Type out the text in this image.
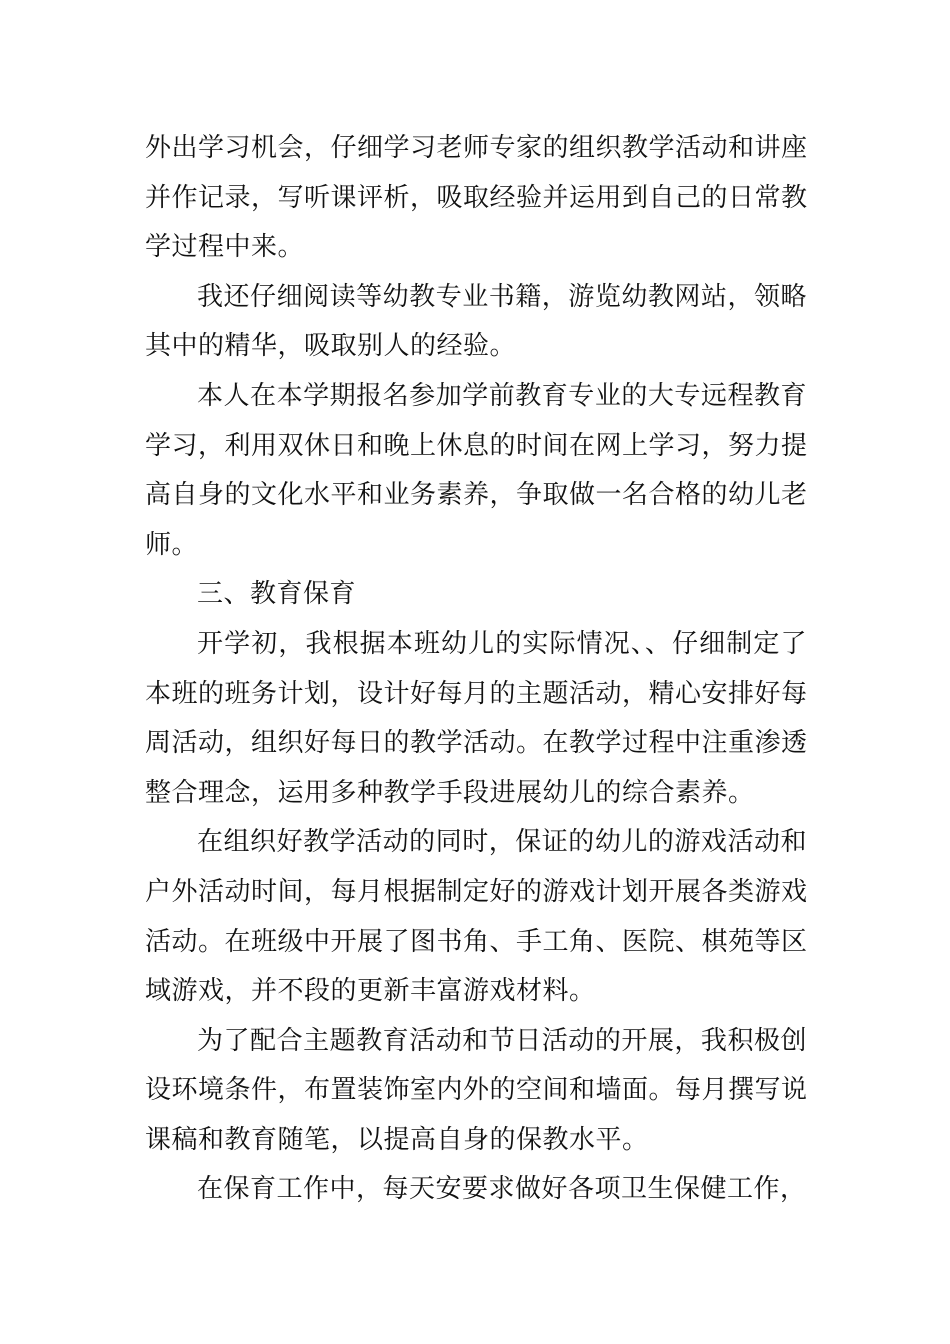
外出学习机会，仔细学习老师专家的组织教学活动和讲座
并作记录，写听课评析，吸取经验并运用到自己的日常教
学过程中来。
我还仔细阅读等幼教专业书籍，游览幼教网站，领略
其中的精华，吸取别人的经验。
本人在本学期报名参加学前教育专业的大专远程教育
学习，利用双休日和晚上休息的时间在网上学习，努力提
高自身的文化水平和业务素养，争取做一名合格的幼儿老
师。
三、教育保育
开学初，我根据本班幼儿的实际情况、、仔细制定了
本班的班务计划，设计好每月的主题活动，精心安排好每
周活动，组织好每日的教学活动。在教学过程中注重渗透
整合理念，运用多种教学手段进展幼儿的综合素养。
在组织好教学活动的同时，保证的幼儿的游戏活动和
户外活动时间，每月根据制定好的游戏计划开展各类游戏
活动。在班级中开展了图书角、手工角、医院、棋苑等区
域游戏，并不段的更新丰富游戏材料。
为了配合主题教育活动和节日活动的开展，我积极创
设环境条件，布置装饰室内外的空间和墙面。每月撰写说
课稿和教育随笔，以提高自身的保教水平。
在保育工作中，每天安要求做好各项卫生保健工作，
